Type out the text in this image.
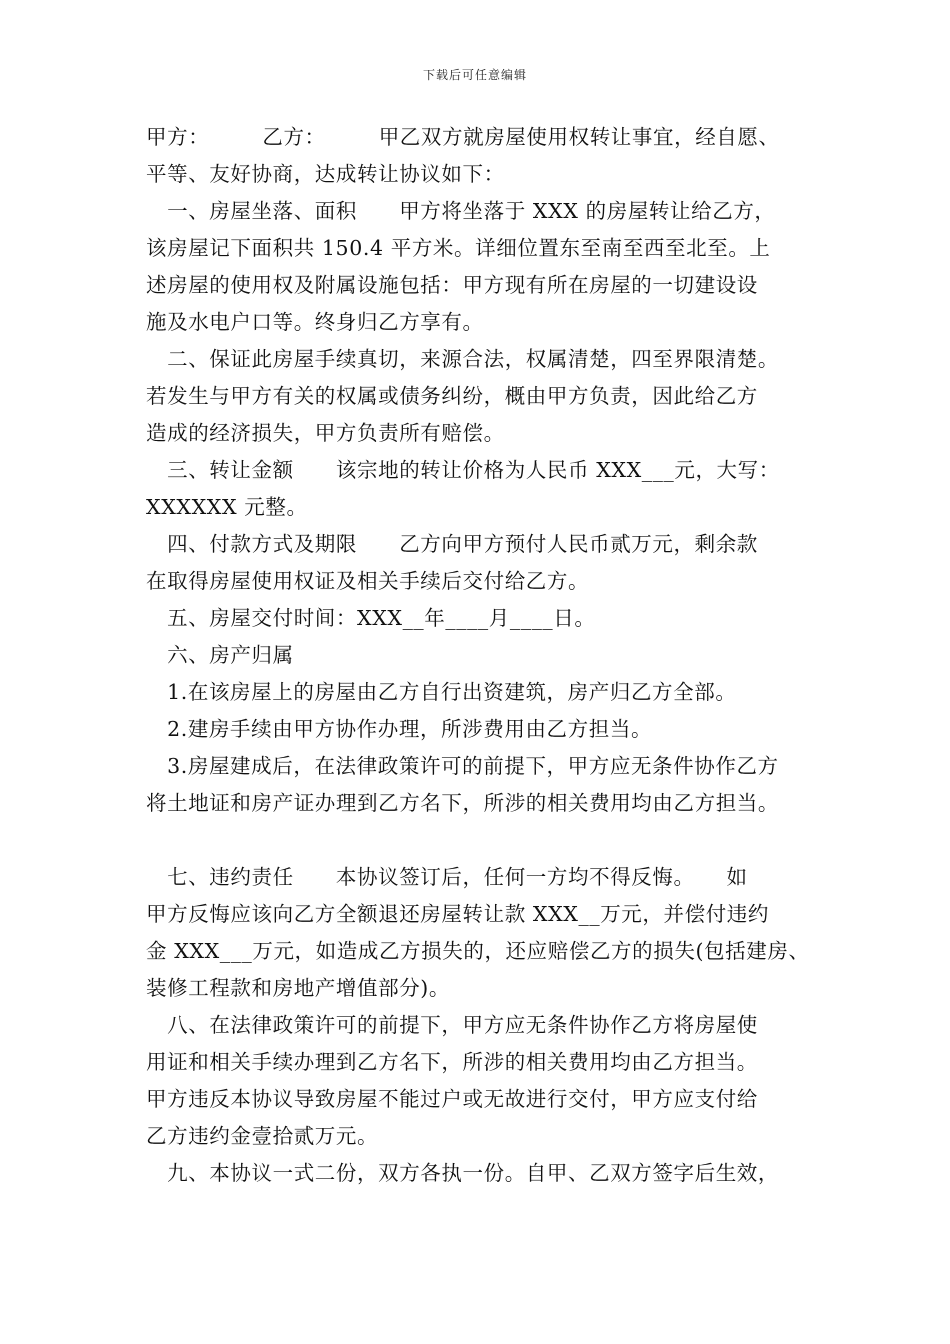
下载后可任意编辑
甲方：　　　乙方：　　　甲乙双方就房屋使用权转让事宜，经自愿、
平等、友好协商，达成转让协议如下：
　一、房屋坐落、面积　　甲方将坐落于 XXX 的房屋转让给乙方，
该房屋记下面积共 150.4 平方米。详细位置东至南至西至北至。上
述房屋的使用权及附属设施包括：甲方现有所在房屋的一切建设设
施及水电户口等。终身归乙方享有。
　二、保证此房屋手续真切，来源合法，权属清楚，四至界限清楚。
若发生与甲方有关的权属或债务纠纷，概由甲方负责，因此给乙方
造成的经济损失，甲方负责所有赔偿。
　三、转让金额　　该宗地的转让价格为人民币 XXX___元，大写：
XXXXXX 元整。
　四、付款方式及期限　　乙方向甲方预付人民币贰万元，剩余款
在取得房屋使用权证及相关手续后交付给乙方。
　五、房屋交付时间：XXX__年____月____日。
　六、房产归属
　1.在该房屋上的房屋由乙方自行出资建筑，房产归乙方全部。
　2.建房手续由甲方协作办理，所涉费用由乙方担当。
　3.房屋建成后，在法律政策许可的前提下，甲方应无条件协作乙方
将土地证和房产证办理到乙方名下，所涉的相关费用均由乙方担当。
　七、违约责任　　本协议签订后，任何一方均不得反悔。　　如
甲方反悔应该向乙方全额退还房屋转让款 XXX__万元，并偿付违约
金 XXX___万元，如造成乙方损失的，还应赔偿乙方的损失(包括建房、
装修工程款和房地产增值部分)。
　八、在法律政策许可的前提下，甲方应无条件协作乙方将房屋使
用证和相关手续办理到乙方名下，所涉的相关费用均由乙方担当。
甲方违反本协议导致房屋不能过户或无故进行交付，甲方应支付给
乙方违约金壹拾贰万元。
　九、本协议一式二份，双方各执一份。自甲、乙双方签字后生效，
